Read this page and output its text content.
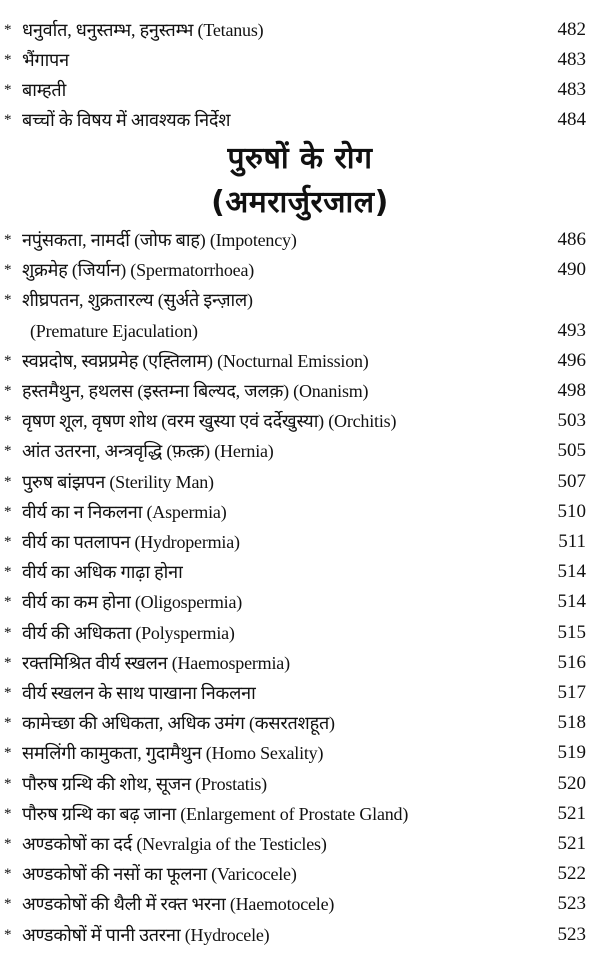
* धनुर्वात, धनुस्तम्भ, हनुस्तम्भ (Tetanus)	482
* भैंगापन	483
* बाम्हती	483
* बच्चों के विषय में आवश्यक निर्देश	484
पुरुषों के रोग
(अमरार्जुरजाल)
* नपुंसकता, नामर्दी (जोफ बाह) (Impotency)	486
* शुक्रमेह (जिर्यान) (Spermatorrhoea)	490
* शीघ्रपतन, शुक्रतारल्य (सुर्अते इन्ज़ाल)
(Premature Ejaculation)	493
* स्वप्नदोष, स्वप्नप्रमेह (एह्तिलाम) (Nocturnal Emission)	496
* हस्तमैथुन, हथलस (इस्तम्ना बिल्यद, जलक़) (Onanism)	498
* वृषण शूल, वृषण शोथ (वरम खुस्या एवं दर्देखुस्या) (Orchitis)	503
* आंत उतरना, अन्त्रवृद्धि (फ़त्क़) (Hernia)	505
* पुरुष बांझपन (Sterility Man)	507
* वीर्य का न निकलना (Aspermia)	510
* वीर्य का पतलापन (Hydropermia)	511
* वीर्य का अधिक गाढ़ा होना	514
* वीर्य का कम होना (Oligospermia)	514
* वीर्य की अधिकता (Polyspermia)	515
* रक्तमिश्रित वीर्य स्खलन (Haemospermia)	516
* वीर्य स्खलन के साथ पाखाना निकलना	517
* कामेच्छा की अधिकता, अधिक उमंग (कसरतशहूत)	518
* समलिंगी कामुकता, गुदामैथुन (Homo Sexality)	519
* पौरुष ग्रन्थि की शोथ, सूजन (Prostatis)	520
* पौरुष ग्रन्थि का बढ़ जाना (Enlargement of Prostate Gland)	521
* अण्डकोषों का दर्द (Nevralgia of the Testicles)	521
* अण्डकोषों की नसों का फूलना (Varicocele)	522
* अण्डकोषों की थैली में रक्त भरना (Haemotocele)	523
* अण्डकोषों में पानी उतरना (Hydrocele)	523
